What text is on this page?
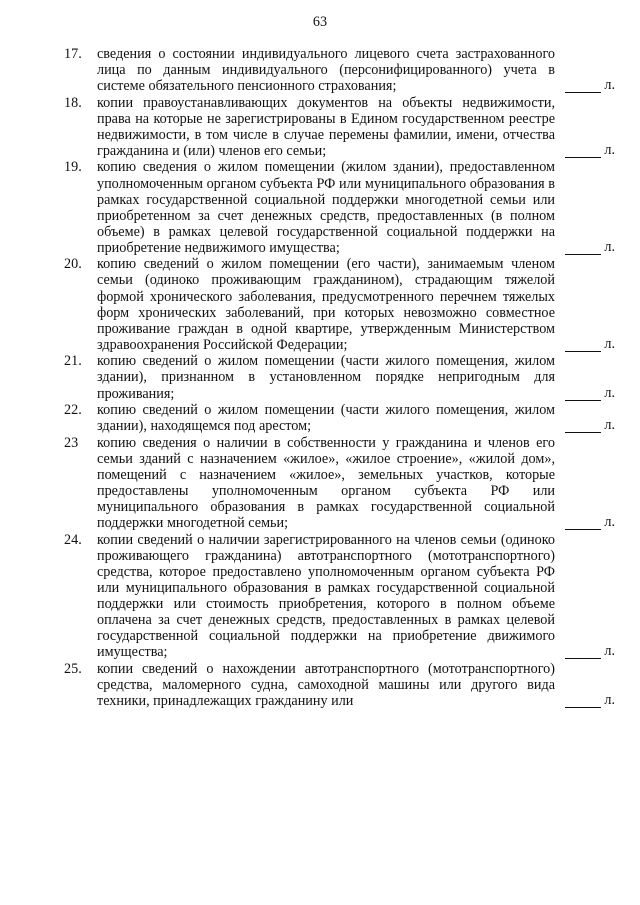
63
17.	сведения о состоянии индивидуального лицевого счета застрахованного лица по данным индивидуального (персонифицированного) учета в системе обязательного пенсионного страхования;	л.
18.	копии правоустанавливающих документов на объекты недвижимости, права на которые не зарегистрированы в Едином государственном реестре недвижимости, в том числе в случае перемены фамилии, имени, отчества гражданина и (или) членов его семьи;	л.
19.	копию сведения о жилом помещении (жилом здании), предоставленном уполномоченным органом субъекта РФ или муниципального образования в рамках государственной социальной поддержки многодетной семьи или приобретенном за счет денежных средств, предоставленных (в полном объеме) в рамках целевой государственной социальной поддержки на приобретение недвижимого имущества;	л.
20.	копию сведений о жилом помещении (его части), занимаемым членом семьи (одиноко проживающим гражданином), страдающим тяжелой формой хронического заболевания, предусмотренного перечнем тяжелых форм хронических заболеваний, при которых невозможно совместное проживание граждан в одной квартире, утвержденным Министерством здравоохранения Российской Федерации;	л.
21.	копию сведений о жилом помещении (части жилого помещения, жилом здании), признанном в установленном порядке непригодным для проживания;	л.
22.	копию сведений о жилом помещении (части жилого помещения, жилом здании), находящемся под арестом;	л.
23	копию сведения о наличии в собственности у гражданина и членов его семьи зданий с назначением «жилое», «жилое строение», «жилой дом», помещений с назначением «жилое», земельных участков, которые предоставлены уполномоченным органом субъекта РФ или муниципального образования в рамках государственной социальной поддержки многодетной семьи;	л.
24.	копии сведений о наличии зарегистрированного на членов семьи (одиноко проживающего гражданина) автотранспортного (мототранспортного) средства, которое предоставлено уполномоченным органом субъекта РФ или муниципального образования в рамках государственной социальной поддержки или стоимость приобретения, которого в полном объеме оплачена за счет денежных средств, предоставленных в рамках целевой государственной социальной поддержки на приобретение движимого имущества;	л.
25.	копии сведений о нахождении автотранспортного (мототранспортного) средства, маломерного судна, самоходной машины или другого вида техники, принадлежащих гражданину или	л.
